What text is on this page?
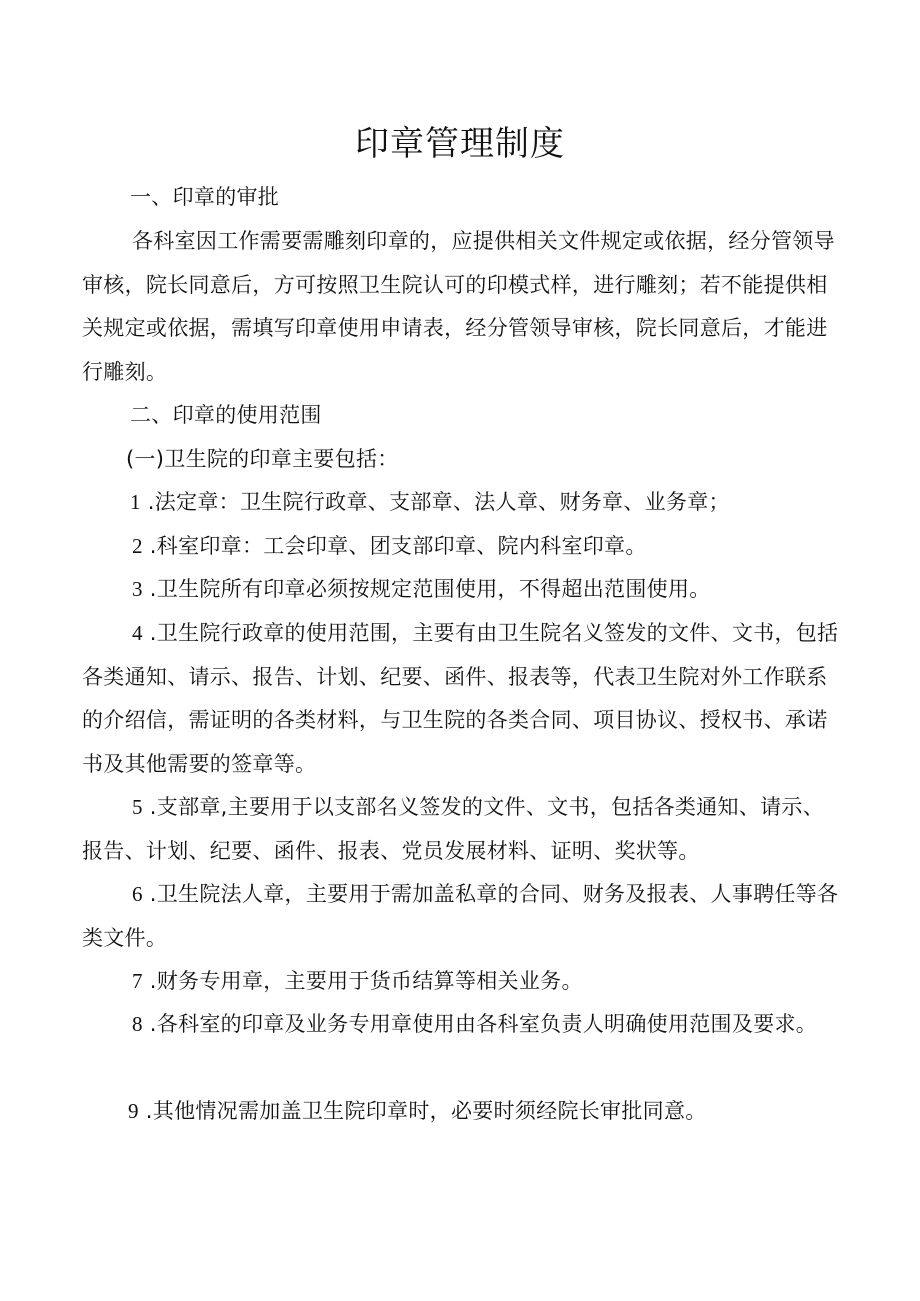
印章管理制度
一、印章的审批
各科室因工作需要需雕刻印章的，应提供相关文件规定或依据，经分管领导审核，院长同意后，方可按照卫生院认可的印模式样，进行雕刻；若不能提供相关规定或依据，需填写印章使用申请表，经分管领导审核，院长同意后，才能进行雕刻。
二、印章的使用范围
(一)卫生院的印章主要包括：
1 .法定章：卫生院行政章、支部章、法人章、财务章、业务章；
2 .科室印章：工会印章、团支部印章、院内科室印章。
3 .卫生院所有印章必须按规定范围使用，不得超出范围使用。
4 .卫生院行政章的使用范围，主要有由卫生院名义签发的文件、文书，包括各类通知、请示、报告、计划、纪要、函件、报表等，代表卫生院对外工作联系的介绍信，需证明的各类材料，与卫生院的各类合同、项目协议、授权书、承诺书及其他需要的签章等。
5 .支部章,主要用于以支部名义签发的文件、文书，包括各类通知、请示、报告、计划、纪要、函件、报表、党员发展材料、证明、奖状等。
6 .卫生院法人章，主要用于需加盖私章的合同、财务及报表、人事聘任等各类文件。
7 .财务专用章，主要用于货币结算等相关业务。
8 .各科室的印章及业务专用章使用由各科室负责人明确使用范围及要求。
9 .其他情况需加盖卫生院印章时，必要时须经院长审批同意。
